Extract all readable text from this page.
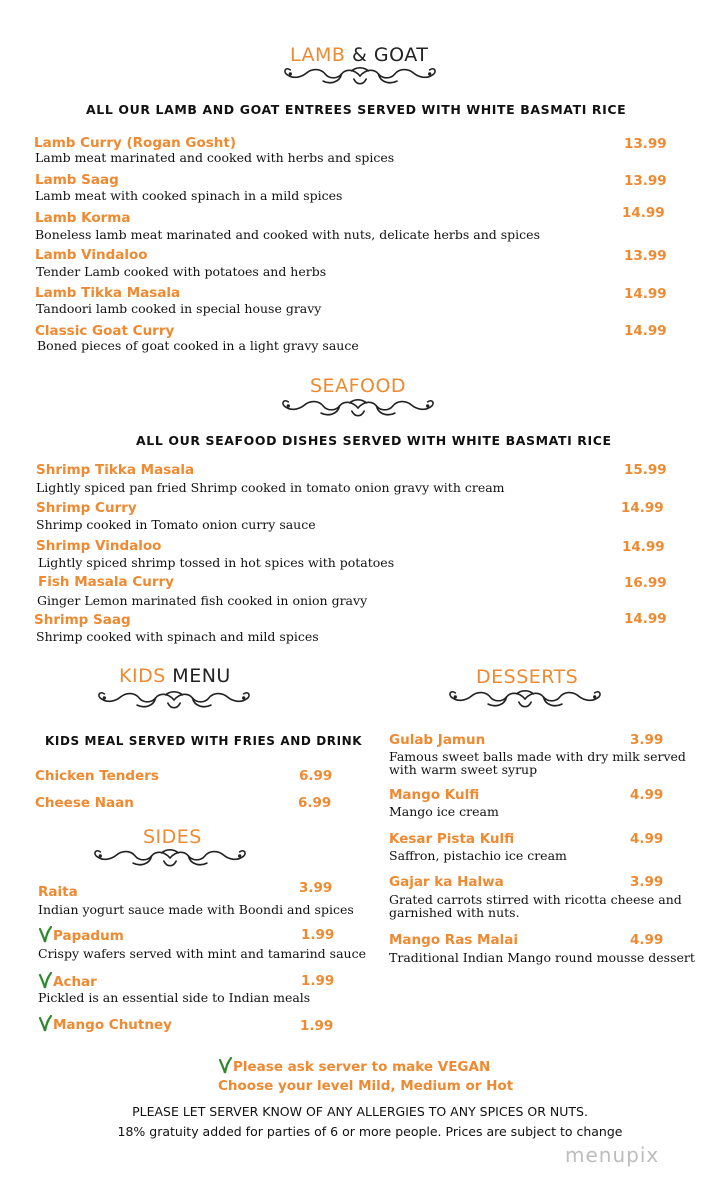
LAMB & GOAT
ALL OUR LAMB AND GOAT ENTREES SERVED WITH WHITE BASMATI RICE
Lamb Curry (Rogan Gosht)
Lamb meat marinated and cooked with herbs and spices
13.99
Lamb Saag
Lamb meat with cooked spinach in a mild spices
13.99
Lamb Korma
Boneless lamb meat marinated and cooked with nuts, delicate herbs and spices
14.99
Lamb Vindaloo
Tender Lamb cooked with potatoes and herbs
13.99
Lamb Tikka Masala
Tandoori lamb cooked in special house gravy
14.99
Classic Goat Curry
Boned pieces of goat cooked in a light gravy sauce
14.99
SEAFOOD
ALL OUR SEAFOOD DISHES SERVED WITH WHITE BASMATI RICE
Shrimp Tikka Masala
Lightly spiced pan fried Shrimp cooked in tomato onion gravy with cream
15.99
Shrimp Curry
Shrimp cooked in Tomato onion curry sauce
14.99
Shrimp Vindaloo
Lightly spiced shrimp tossed in hot spices with potatoes
14.99
Fish Masala Curry
Ginger Lemon marinated fish cooked in onion gravy
16.99
Shrimp Saag
Shrimp cooked with spinach and mild spices
14.99
KIDS MENU
KIDS MEAL SERVED WITH FRIES AND DRINK
Chicken Tenders	6.99
Cheese Naan	6.99
SIDES
Raita
Indian yogurt sauce made with Boondi and spices
3.99
Papadum
Crispy wafers served with mint and tamarind sauce
1.99
Achar
Pickled is an essential side to Indian meals
1.99
Mango Chutney	1.99
DESSERTS
Gulab Jamun
Famous sweet balls made with dry milk served
with warm sweet syrup
3.99
Mango Kulfi
Mango ice cream
4.99
Kesar Pista Kulfi
Saffron, pistachio ice cream
4.99
Gajar ka Halwa
Grated carrots stirred with ricotta cheese and
garnished with nuts.
3.99
Mango Ras Malai
Traditional Indian Mango round mousse dessert
4.99
Please ask server to make VEGAN
Choose your level Mild, Medium or Hot
PLEASE LET SERVER KNOW OF ANY ALLERGIES TO ANY SPICES OR NUTS.
18% gratuity added for parties of 6 or more people. Prices are subject to change
menupix
